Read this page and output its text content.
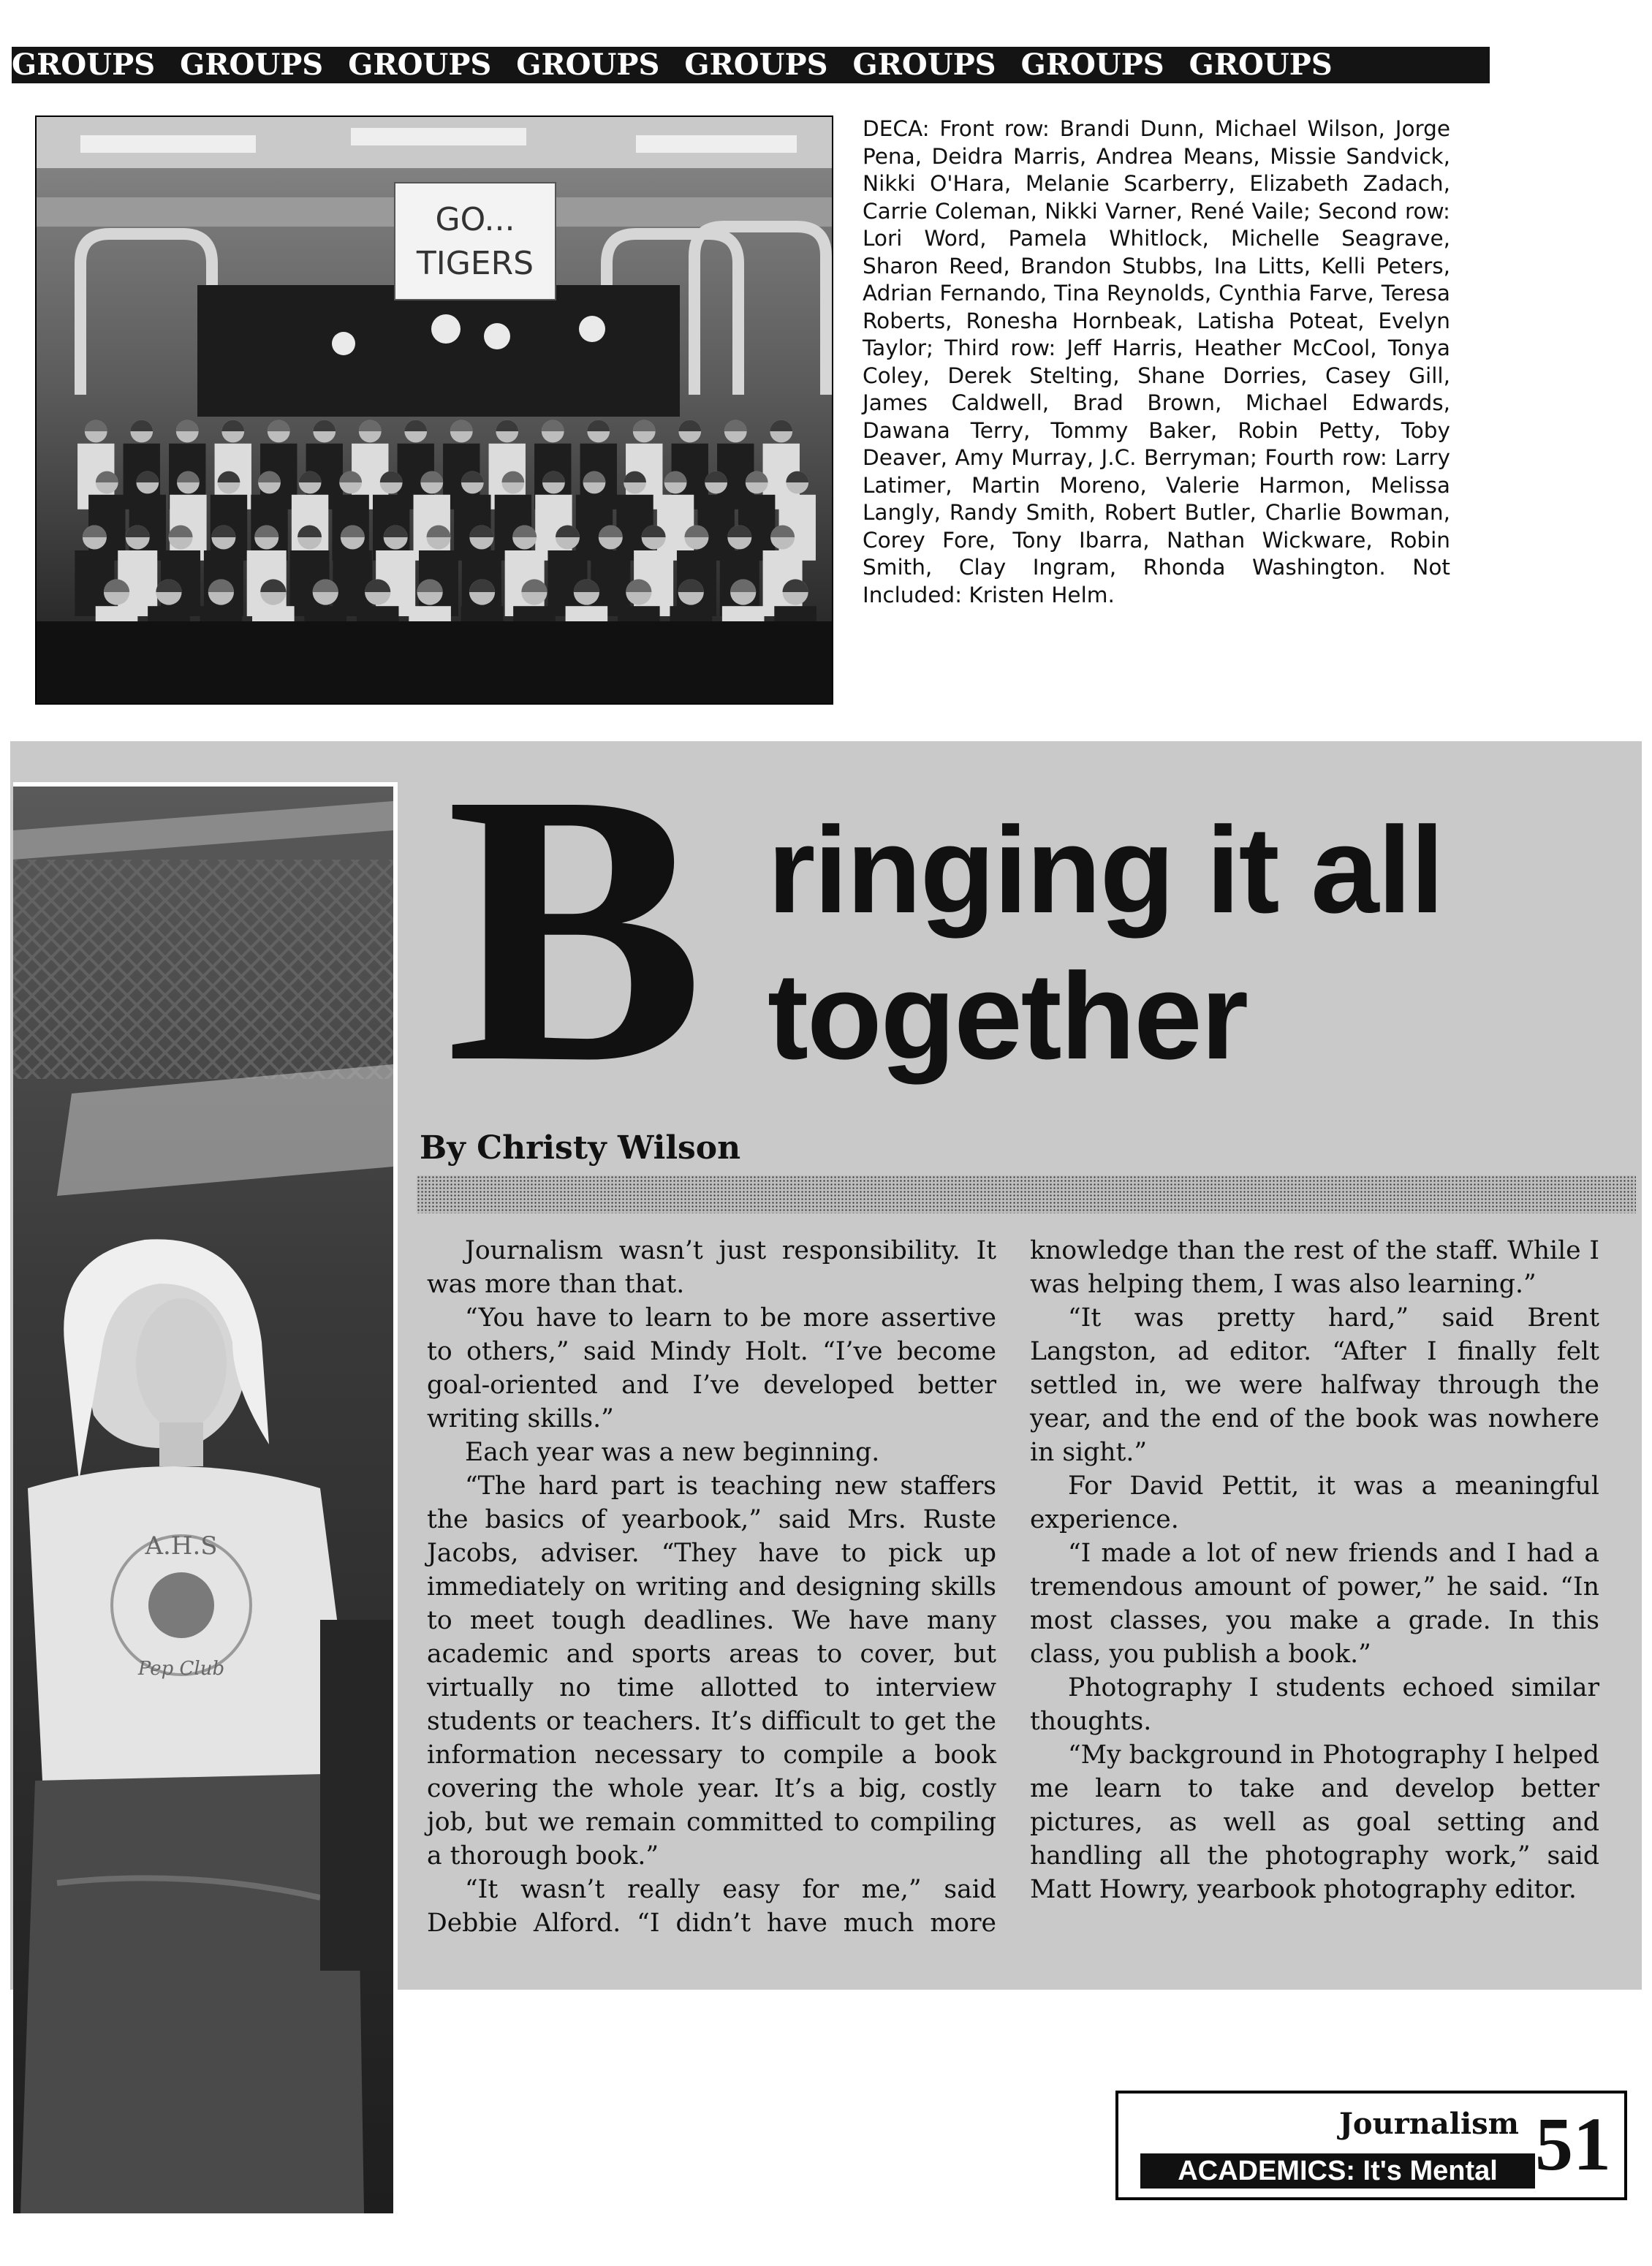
GROUPS GROUPS GROUPS GROUPS GROUPS GROUPS GROUPS GROUPS
GO...
TIGERS

DECA: Front row: Brandi Dunn, Michael Wilson, Jorge Pena, Deidra Marris, Andrea Means, Missie Sandvick, Nikki O'Hara, Melanie Scarberry, Elizabeth Zadach, Carrie Coleman, Nikki Varner, René Vaile; Second row: Lori Word, Pamela Whitlock, Michelle Seagrave, Sharon Reed, Brandon Stubbs, Ina Litts, Kelli Peters, Adrian Fernando, Tina Reynolds, Cynthia Farve, Teresa Roberts, Ronesha Hornbeak, Latisha Poteat, Evelyn Taylor; Third row: Jeff Harris, Heather McCool, Tonya Coley, Derek Stelting, Shane Dorries, Casey Gill, James Caldwell, Brad Brown, Michael Edwards, Dawana Terry, Tommy Baker, Robin Petty, Toby Deaver, Amy Murray, J.C. Berryman; Fourth row: Larry Latimer, Martin Moreno, Valerie Harmon, Melissa Langly, Randy Smith, Robert Butler, Charlie Bowman, Corey Fore, Tony Ibarra, Nathan Wickware, Robin Smith, Clay Ingram, Rhonda Washington. Not Included: Kristen Helm.

A.H.S
Pep Club

B ringing it all
together

By Christy Wilson

Journalism wasn’t just responsibility. It was more than that.

“You have to learn to be more assertive to others,” said Mindy Holt. “I’ve become goal-oriented and I’ve developed better writing skills.”

Each year was a new beginning.

“The hard part is teaching new staffers the basics of yearbook,” said Mrs. Ruste Jacobs, adviser. “They have to pick up immediately on writing and designing skills to meet tough deadlines. We have many academic and sports areas to cover, but virtually no time allotted to interview students or teachers. It’s difficult to get the information necessary to compile a book covering the whole year. It’s a big, costly job, but we remain committed to compiling a thorough book.”

“It wasn’t really easy for me,” said Debbie Alford. “I didn’t have much more knowledge than the rest of the staff. While I was helping them, I was also learning.”

“It was pretty hard,” said Brent Langston, ad editor. “After I finally felt settled in, we were halfway through the year, and the end of the book was nowhere in sight.”

For David Pettit, it was a meaningful experience.

“I made a lot of new friends and I had a tremendous amount of power,” he said. “In most classes, you make a grade. In this class, you publish a book.”

Photography I students echoed similar thoughts.

“My background in Photography I helped me learn to take and develop better pictures, as well as goal setting and handling all the photography work,” said Matt Howry, yearbook photography editor.

Journalism
ACADEMICS: It's Mental 51
